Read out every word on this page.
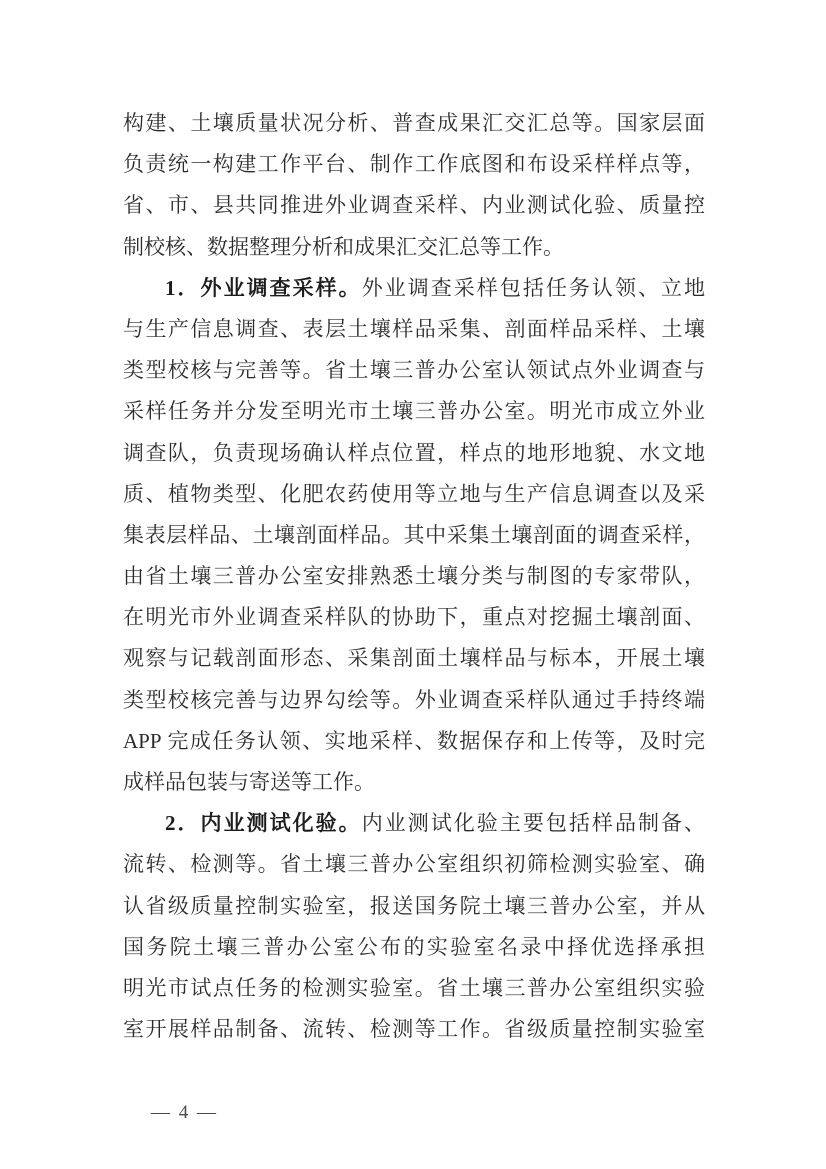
构建、土壤质量状况分析、普查成果汇交汇总等。国家层面
负责统一构建工作平台、制作工作底图和布设采样样点等，
省、市、县共同推进外业调查采样、内业测试化验、质量控
制校核、数据整理分析和成果汇交汇总等工作。
1．外业调查采样。外业调查采样包括任务认领、立地
与生产信息调查、表层土壤样品采集、剖面样品采样、土壤
类型校核与完善等。省土壤三普办公室认领试点外业调查与
采样任务并分发至明光市土壤三普办公室。明光市成立外业
调查队，负责现场确认样点位置，样点的地形地貌、水文地
质、植物类型、化肥农药使用等立地与生产信息调查以及采
集表层样品、土壤剖面样品。其中采集土壤剖面的调查采样，
由省土壤三普办公室安排熟悉土壤分类与制图的专家带队，
在明光市外业调查采样队的协助下，重点对挖掘土壤剖面、
观察与记载剖面形态、采集剖面土壤样品与标本，开展土壤
类型校核完善与边界勾绘等。外业调查采样队通过手持终端
APP 完成任务认领、实地采样、数据保存和上传等，及时完
成样品包装与寄送等工作。
2．内业测试化验。内业测试化验主要包括样品制备、
流转、检测等。省土壤三普办公室组织初筛检测实验室、确
认省级质量控制实验室，报送国务院土壤三普办公室，并从
国务院土壤三普办公室公布的实验室名录中择优选择承担
明光市试点任务的检测实验室。省土壤三普办公室组织实验
室开展样品制备、流转、检测等工作。省级质量控制实验室
— 4 —
